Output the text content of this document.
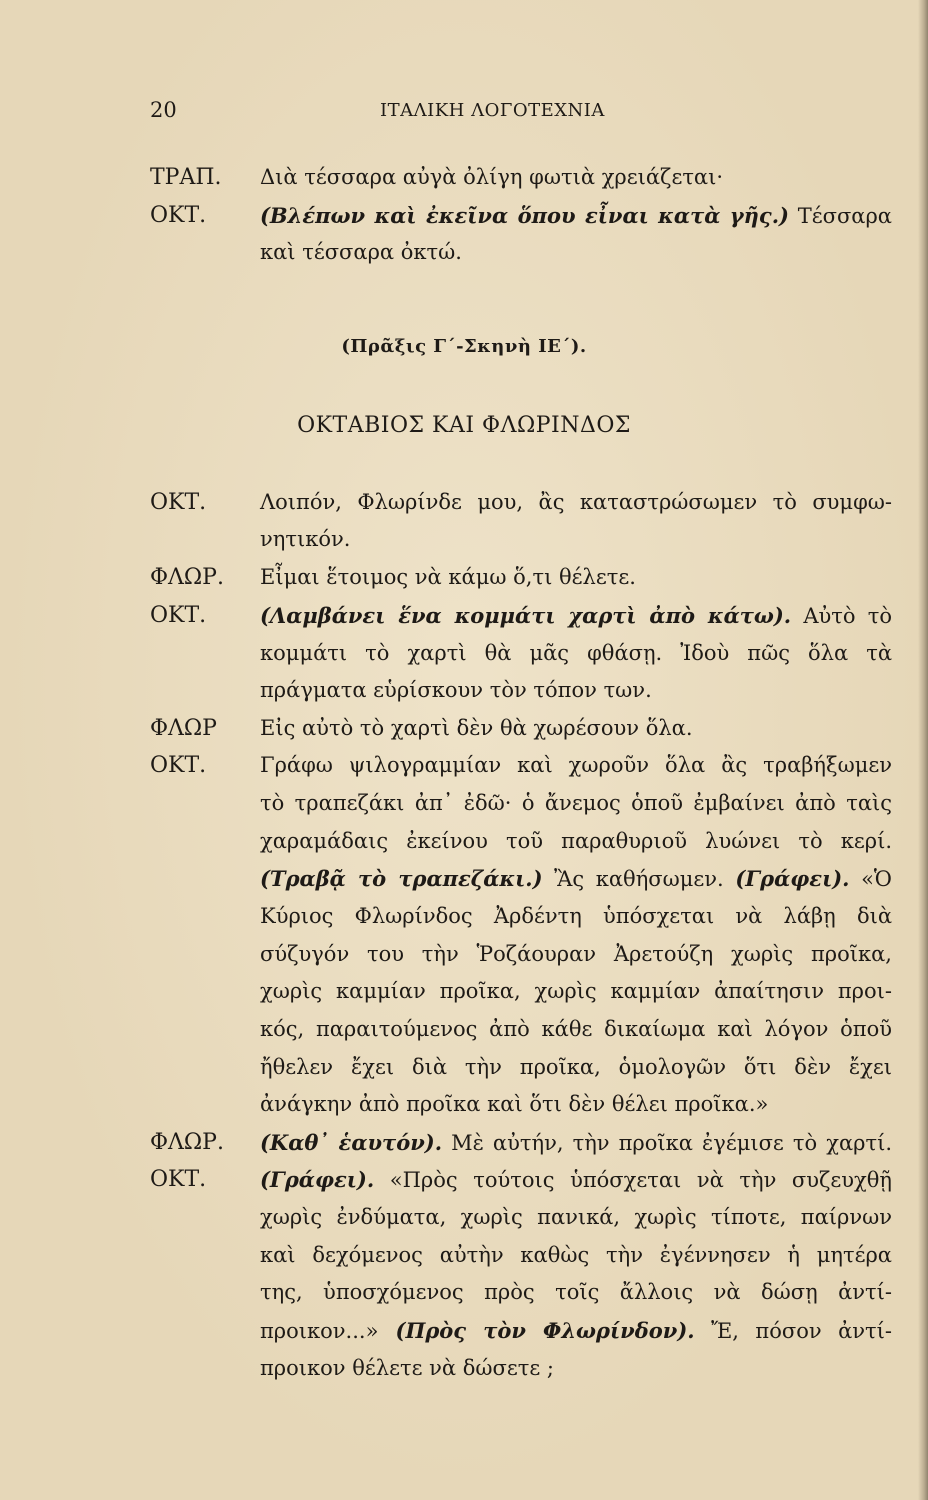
20	ΙΤΑΛΙΚΗ ΛΟΓΟΤΕΧΝΙΑ
ΤΡΑΠ. Διὰ τέσσαρα αὐγὰ ὀλίγη φωτιὰ χρειάζεται·
ΟΚΤ.	(Βλέπων καὶ ἐκεῖνα ὅπου εἶναι κατὰ γῆς.) Τέσσαρα
καὶ τέσσαρα ὀκτώ.
(Πρᾶξις Γ΄-Σκηνὴ ΙΕ΄).
ΟΚΤΑΒΙΟΣ ΚΑΙ ΦΛΩΡΙΝΔΟΣ
ΟΚΤ.	Λοιπόν, Φλωρίνδε μου, ἂς καταστρώσωμεν τὸ συμφω-
νητικόν.
ΦΛΩΡ. Εἶμαι ἕτοιμος νὰ κάμω ὅ,τι θέλετε.
ΟΚΤ.	(Λαμβάνει ἕνα κομμάτι χαρτὶ ἀπὸ κάτω). Αὐτὸ τὸ
κομμάτι τὸ χαρτὶ θὰ μᾶς φθάσῃ. Ἰδοὺ πῶς ὅλα τὰ
πράγματα εὑρίσκουν τὸν τόπον των.
ΦΛΩΡ Εἰς αὐτὸ τὸ χαρτὶ δὲν θὰ χωρέσουν ὅλα.
ΟΚΤ.	Γράφω ψιλογραμμίαν καὶ χωροῦν ὅλα ἂς τραβήξωμεν
τὸ τραπεζάκι ἀπ᾽ ἐδῶ· ὁ ἄνεμος ὁποῦ ἐμβαίνει ἀπὸ ταὶς
χαραμάδαις ἐκείνου τοῦ παραθυριοῦ λυώνει τὸ κερί.
(Τραβᾷ τὸ τραπεζάκι.) Ἂς καθήσωμεν. (Γράφει). «Ὁ
Κύριος Φλωρίνδος Ἀρδέντη ὑπόσχεται νὰ λάβῃ διὰ
σύζυγόν του τὴν Ῥοζάουραν Ἀρετούζη χωρὶς προῖκα,
χωρὶς καμμίαν προῖκα, χωρὶς καμμίαν ἀπαίτησιν προι-
κός, παραιτούμενος ἀπὸ κάθε δικαίωμα καὶ λόγον ὁποῦ
ἤθελεν ἔχει διὰ τὴν προῖκα, ὁμολογῶν ὅτι δὲν ἔχει
ἀνάγκην ἀπὸ προῖκα καὶ ὅτι δὲν θέλει προῖκα.»
ΦΛΩΡ. (Καθ᾽ ἑαυτόν). Μὲ αὐτήν, τὴν προῖκα ἐγέμισε τὸ χαρτί.
ΟΚΤ.	(Γράφει). «Πρὸς τούτοις ὑπόσχεται νὰ τὴν συζευχθῇ
χωρὶς ἐνδύματα, χωρὶς πανικά, χωρὶς τίποτε, παίρνων
καὶ δεχόμενος αὐτὴν καθὼς τὴν ἐγέννησεν ἡ μητέρα
της, ὑποσχόμενος πρὸς τοῖς ἄλλοις νὰ δώσῃ ἀντί-
προικον...» (Πρὸς τὸν Φλωρίνδον). Ἔ, πόσον ἀντί-
προικον θέλετε νὰ δώσετε ;
